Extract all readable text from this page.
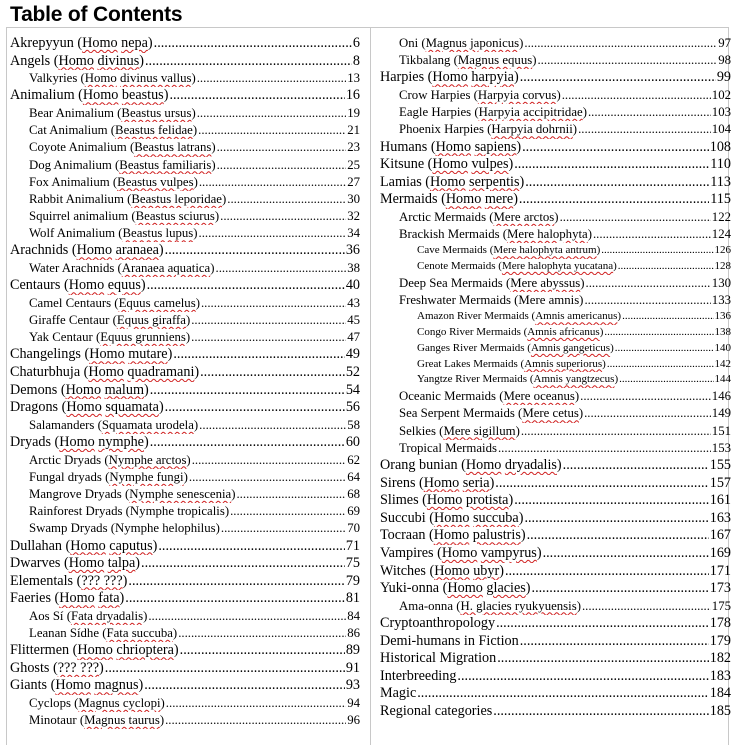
Table of Contents
Akrepyyun (Homo nepa) .....	6
Angels (Homo divinus) .....	8
Valkyries (Homo divinus vallus) .....	13
Animalium (Homo beastus) .....	16
Bear Animalium (Beastus ursus) .....	19
Cat Animalium (Beastus felidae) .....	21
Coyote Animalium (Beastus latrans) .....	23
Dog Animalium (Beastus familiaris) .....	25
Fox Animalium (Beastus vulpes) .....	27
Rabbit Animalium (Beastus leporidae) .....	30
Squirrel animalium (Beastus sciurus) .....	32
Wolf Animalium (Beastus lupus) .....	34
Arachnids (Homo aranaea) .....	36
Water Arachnids (Aranaea aquatica) .....	38
Centaurs (Homo equus) .....	40
Camel Centaurs (Equus camelus) .....	43
Giraffe Centaur (Equus giraffa) .....	45
Yak Centaur (Equus grunniens) .....	47
Changelings (Homo mutare) .....	49
Chaturbhuja (Homo quadramani) .....	52
Demons (Homo malum) .....	54
Dragons (Homo squamata) .....	56
Salamanders (Squamata urodela) .....	58
Dryads (Homo nymphe) .....	60
Arctic Dryads (Nymphe arctos) .....	62
Fungal dryads (Nymphe fungi) .....	64
Mangrove Dryads (Nymphe senescenia) .....	68
Rainforest Dryads (Nymphe tropicalis) .....	69
Swamp Dryads (Nymphe helophilus) .....	70
Dullahan (Homo caputus) .....	71
Dwarves (Homo talpa) .....	75
Elementals (??? ???) .....	79
Faeries (Homo fata) .....	81
Aos Sí (Fata dryadalis) .....	84
Leanan Sídhe (Fata succuba) .....	86
Flittermen (Homo chrioptera) .....	89
Ghosts (??? ???) .....	91
Giants (Homo magnus) .....	93
Cyclops (Magnus cyclopi) .....	94
Minotaur (Magnus taurus) .....	96
Oni (Magnus japonicus) .....	97
Tikbalang (Magnus equus) .....	98
Harpies (Homo harpyia) .....	99
Crow Harpies (Harpyia corvus) .....	102
Eagle Harpies (Harpyia accipitridae) .....	103
Phoenix Harpies (Harpyia dohrnii) .....	104
Humans (Homo sapiens) .....	108
Kitsune (Homo vulpes) .....	110
Lamias (Homo serpentis) .....	113
Mermaids (Homo mere) .....	115
Arctic Mermaids (Mere arctos) .....	122
Brackish Mermaids (Mere halophyta) .....	124
Cave Mermaids (Mere halophyta antrum) .....	126
Cenote Mermaids (Mere halophyta yucatana) .....	128
Deep Sea Mermaids (Mere abyssus) .....	130
Freshwater Mermaids (Mere amnis) .....	133
Amazon River Mermaids (Amnis americanus) .....	136
Congo River Mermaids (Amnis africanus) .....	138
Ganges River Mermaids (Amnis gangeticus) .....	140
Great Lakes Mermaids (Amnis superiorus) .....	142
Yangtze River Mermaids (Amnis yangtzecus) .....	144
Oceanic Mermaids (Mere oceanus) .....	146
Sea Serpent Mermaids (Mere cetus) .....	149
Selkies (Mere sigillum) .....	151
Tropical Mermaids .....	153
Orang bunian (Homo dryadalis) .....	155
Sirens (Homo seria) .....	157
Slimes (Homo protista) .....	161
Succubi (Homo succuba) .....	163
Tocraan (Homo palustris) .....	167
Vampires (Homo vampyrus) .....	169
Witches (Homo ubyr) .....	171
Yuki-onna (Homo glacies) .....	173
Ama-onna (H. glacies ryukyuensis) .....	175
Cryptoanthropology .....	178
Demi-humans in Fiction .....	179
Historical Migration .....	182
Interbreeding .....	183
Magic .....	184
Regional categories .....	185
